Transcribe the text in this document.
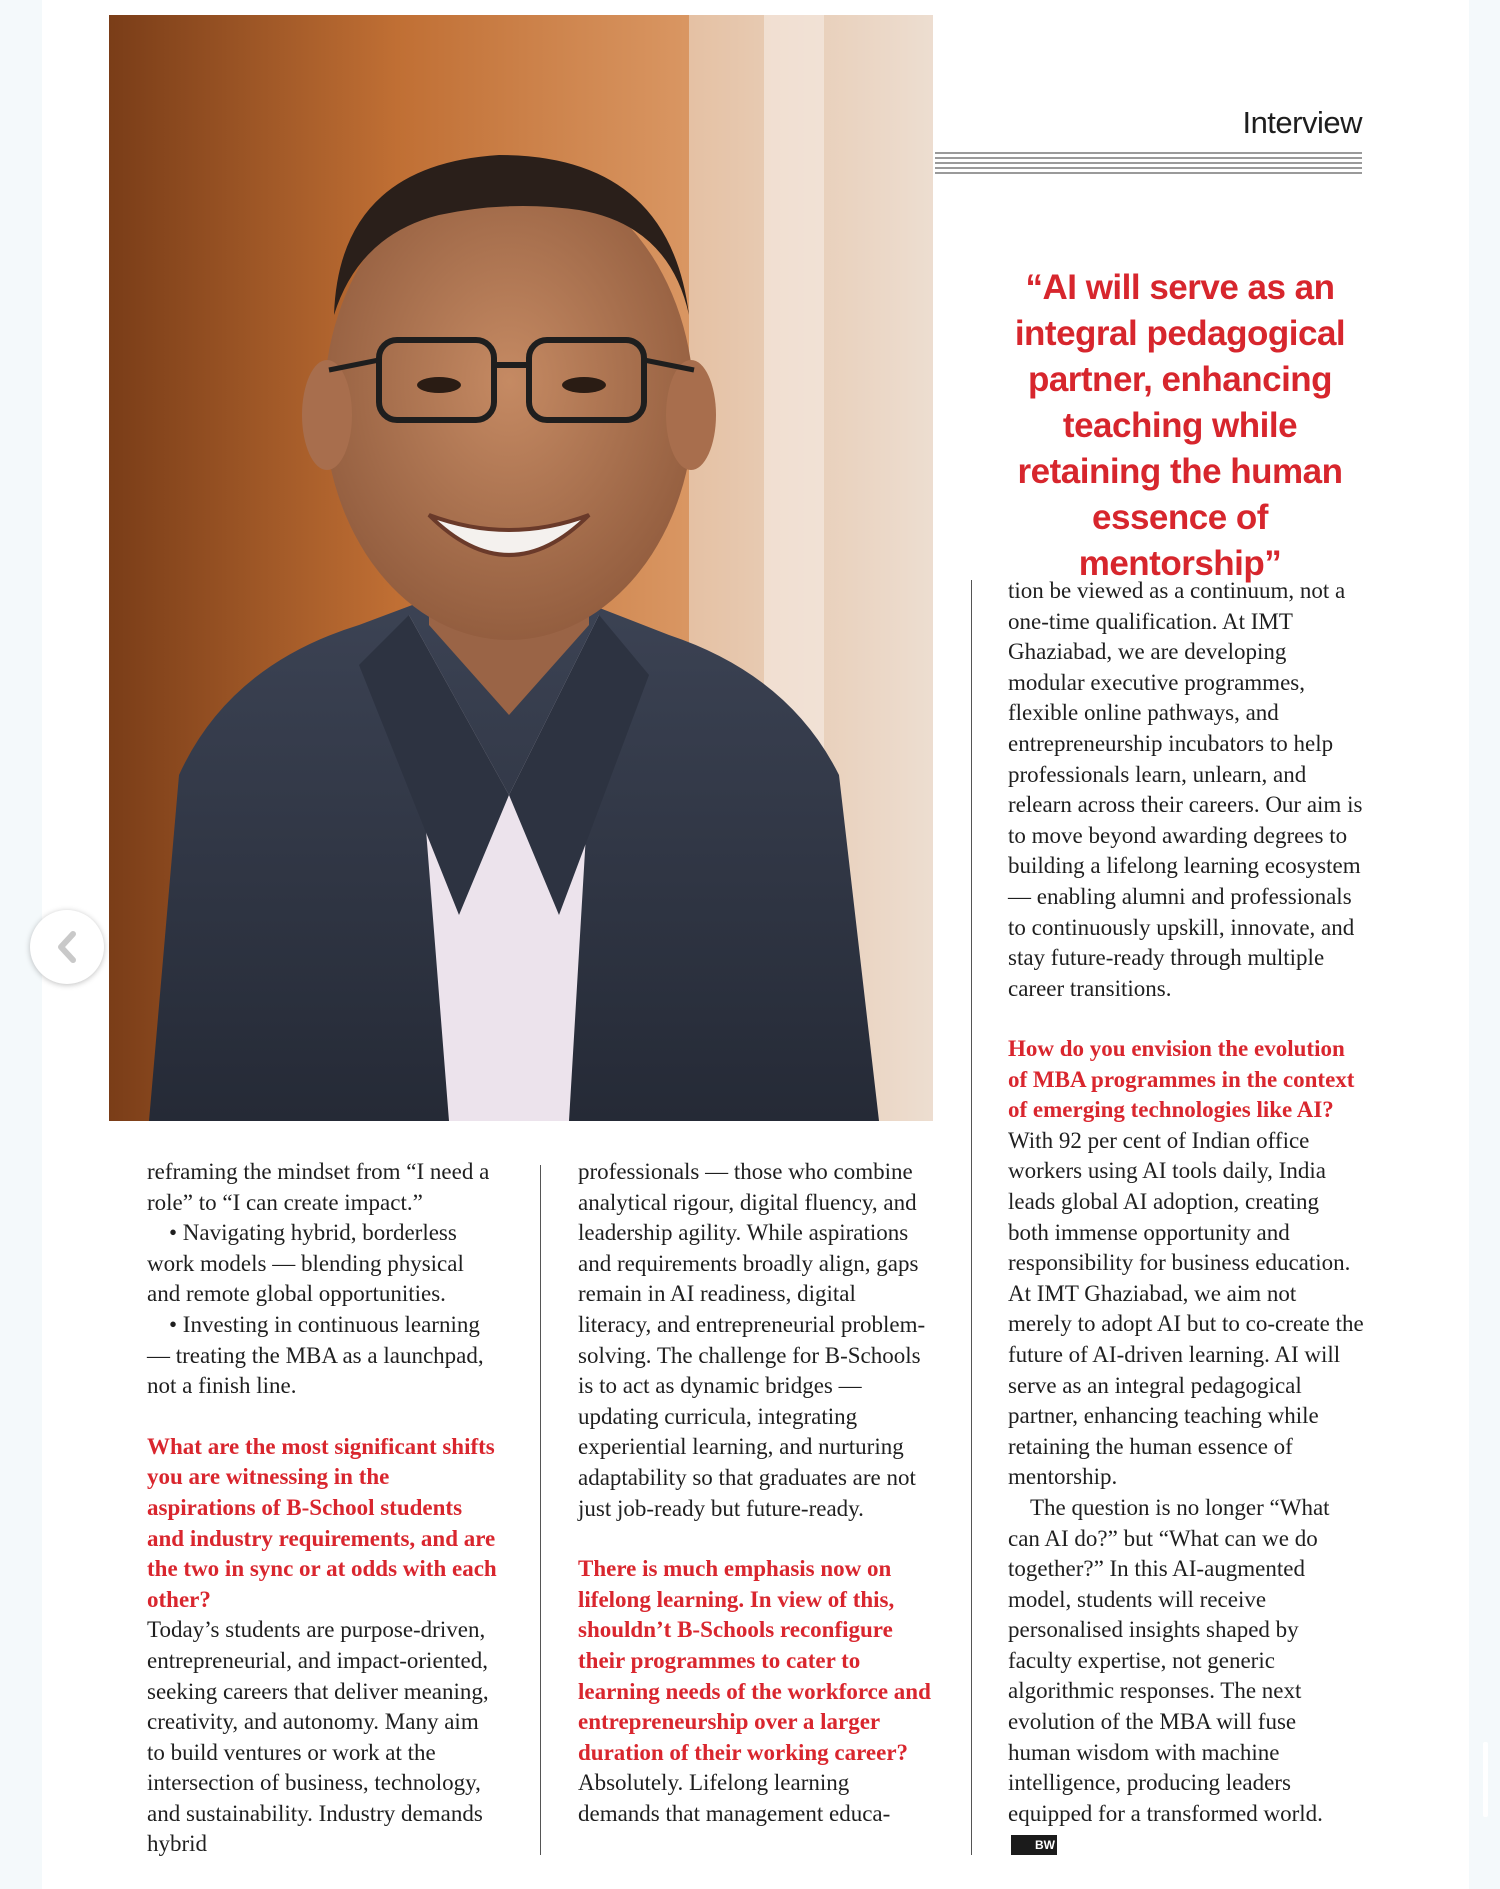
Interview
“AI will serve as an integral pedagogical partner, enhancing teaching while retaining the human essence of mentorship”

reframing the mindset from “I need a role” to “I can create impact.”

• Navigating hybrid, borderless work models — blending physical and remote global opportunities.

• Investing in continuous learning — treating the MBA as a launchpad, not a finish line.

What are the most significant shifts you are witnessing in the aspirations of B-School students and industry requirements, and are the two in sync or at odds with each other?

Today’s students are purpose-driven, entrepreneurial, and impact-oriented, seeking careers that deliver meaning, creativity, and autonomy. Many aim to build ventures or work at the intersection of business, technology, and sustainability. Industry demands hybrid

professionals — those who combine analytical rigour, digital fluency, and leadership agility. While aspirations and requirements broadly align, gaps remain in AI readiness, digital literacy, and entrepreneurial problem-solving. The challenge for B-Schools is to act as dynamic bridges — updating curricula, integrating experiential learning, and nurturing adaptability so that graduates are not just job-ready but future-ready.

There is much emphasis now on lifelong learning. In view of this, shouldn’t B-Schools reconfigure their programmes to cater to learning needs of the workforce and entrepreneurship over a larger duration of their working career?

Absolutely. Lifelong learning demands that management educa-

tion be viewed as a continuum, not a one-time qualification. At IMT Ghaziabad, we are developing modular executive programmes, flexible online pathways, and entrepreneurship incubators to help professionals learn, unlearn, and relearn across their careers. Our aim is to move beyond awarding degrees to building a lifelong learning ecosystem — enabling alumni and professionals to continuously upskill, innovate, and stay future-ready through multiple career transitions.

How do you envision the evolution of MBA programmes in the context of emerging technologies like AI?

With 92 per cent of Indian office workers using AI tools daily, India leads global AI adoption, creating both immense opportunity and responsibility for business education. At IMT Ghaziabad, we aim not merely to adopt AI but to co-create the future of AI-driven learning. AI will serve as an integral pedagogical partner, enhancing teaching while retaining the human essence of mentorship.

The question is no longer “What can AI do?” but “What can we do together?” In this AI-augmented model, students will receive personalised insights shaped by faculty expertise, not generic algorithmic responses. The next evolution of the MBA will fuse human wisdom with machine intelligence, producing leaders equipped for a transformed world.BW
